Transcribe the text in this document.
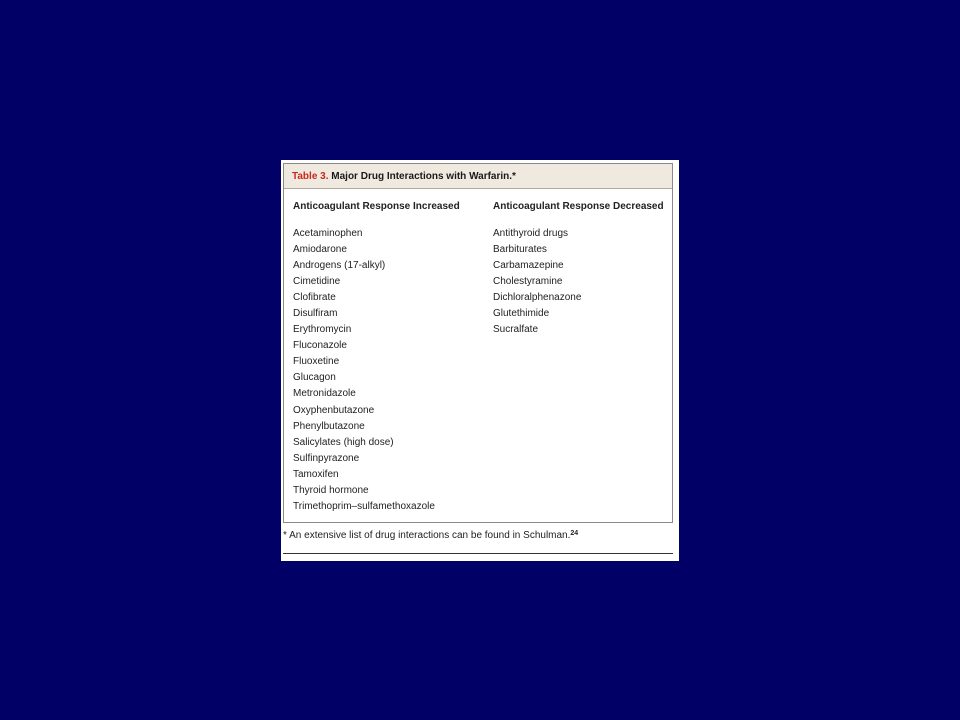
Table 3. Major Drug Interactions with Warfarin.*
Anticoagulant Response Increased
Acetaminophen
Amiodarone
Androgens (17-alkyl)
Cimetidine
Clofibrate
Disulfiram
Erythromycin
Fluconazole
Fluoxetine
Glucagon
Metronidazole
Oxyphenbutazone
Phenylbutazone
Salicylates (high dose)
Sulfinpyrazone
Tamoxifen
Thyroid hormone
Trimethoprim–sulfamethoxazole
Anticoagulant Response Decreased
Antithyroid drugs
Barbiturates
Carbamazepine
Cholestyramine
Dichloralphenazone
Glutethimide
Sucralfate
* An extensive list of drug interactions can be found in Schulman.$^{24}$
